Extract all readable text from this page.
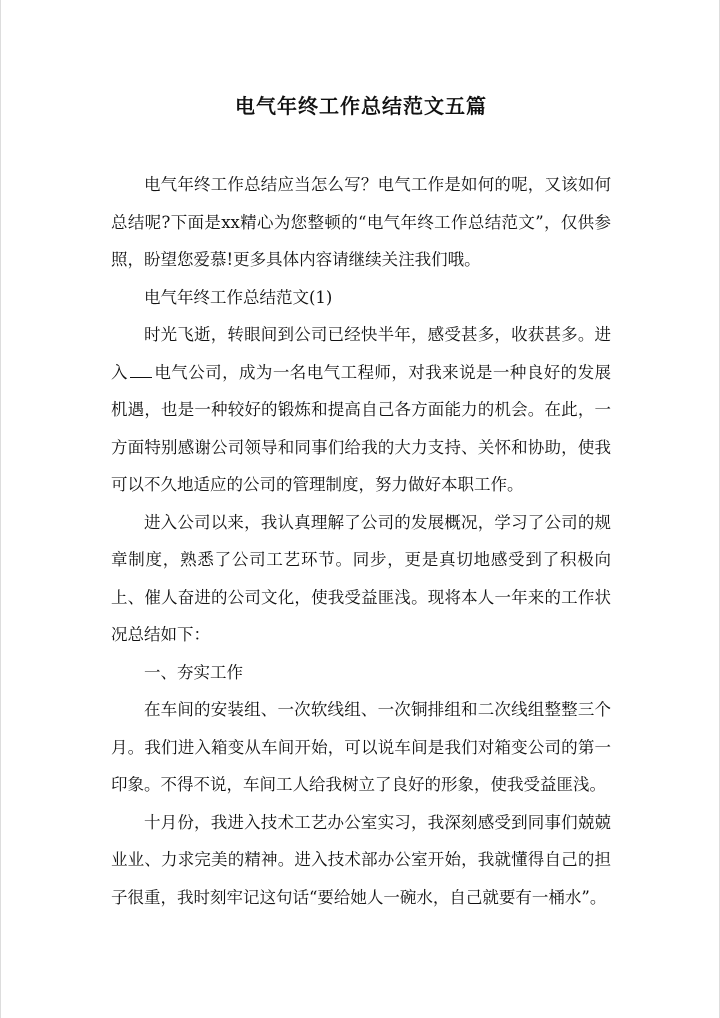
电气年终工作总结范文五篇

电气年终工作总结应当怎么写？电气工作是如何的呢，又该如何总结呢?下面是xx精心为您整顿的“电气年终工作总结范文”，仅供参照，盼望您爱慕!更多具体内容请继续关注我们哦。

电气年终工作总结范文(1)

时光飞逝，转眼间到公司已经快半年，感受甚多，收获甚多。进入 电气公司，成为一名电气工程师，对我来说是一种良好的发展机遇，也是一种较好的锻炼和提高自己各方面能力的机会。在此，一方面特别感谢公司领导和同事们给我的大力支持、关怀和协助，使我可以不久地适应的公司的管理制度，努力做好本职工作。

进入公司以来，我认真理解了公司的发展概况，学习了公司的规章制度，熟悉了公司工艺环节。同步，更是真切地感受到了积极向上、催人奋进的公司文化，使我受益匪浅。现将本人一年来的工作状况总结如下：

一、夯实工作

在车间的安装组、一次软线组、一次铜排组和二次线组整整三个月。我们进入箱变从车间开始，可以说车间是我们对箱变公司的第一印象。不得不说，车间工人给我树立了良好的形象，使我受益匪浅。

十月份，我进入技术工艺办公室实习，我深刻感受到同事们兢兢业业、力求完美的精神。进入技术部办公室开始，我就懂得自己的担子很重，我时刻牢记这句话“要给她人一碗水，自己就要有一桶水”。
